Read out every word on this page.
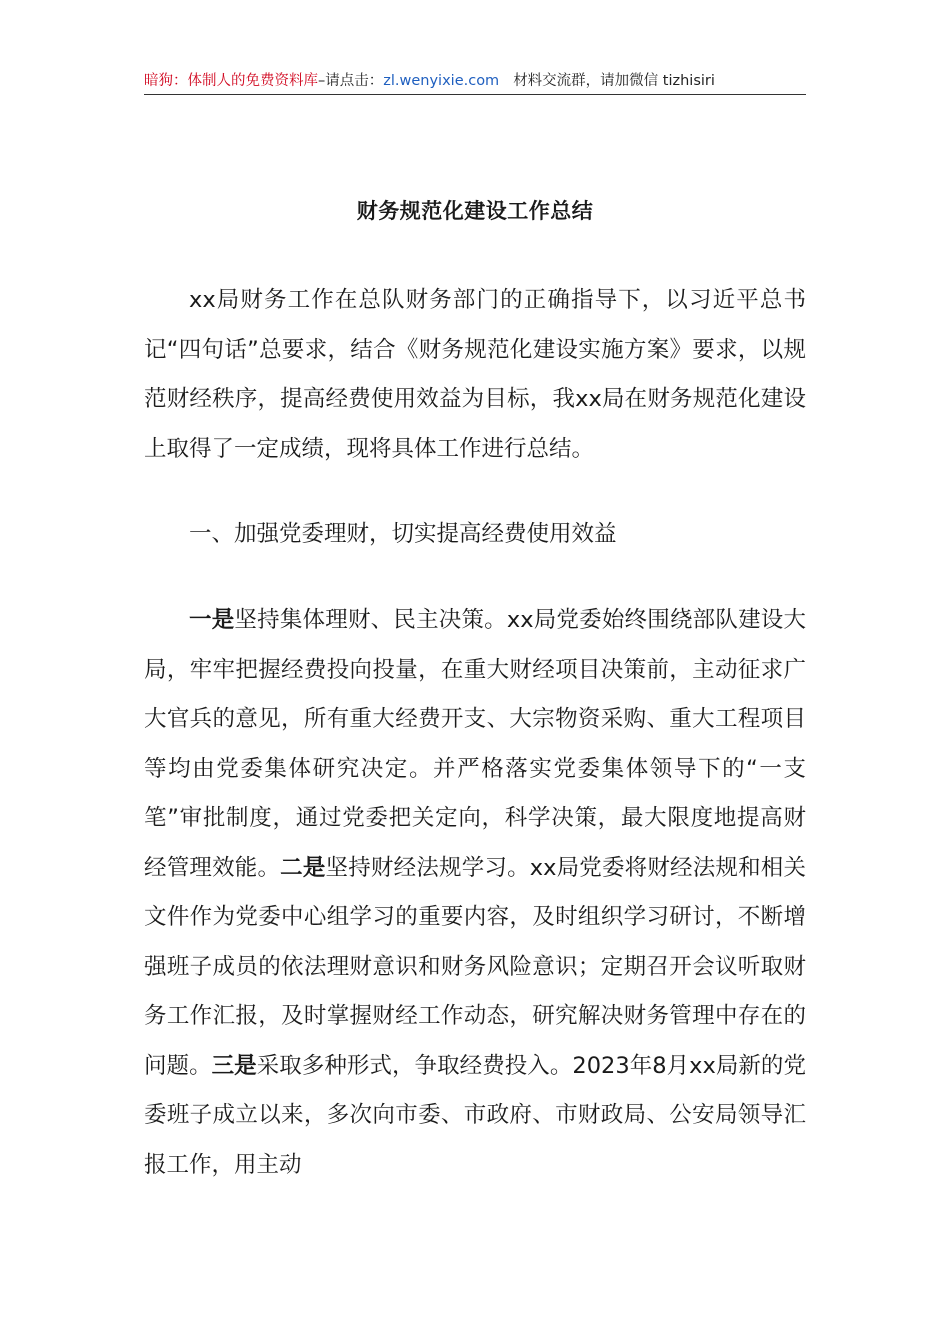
暗狗：体制人的免费资料库–请点击：zl.wenyixie.com 材料交流群，请加微信 tizhisiri
财务规范化建设工作总结

xx局财务工作在总队财务部门的正确指导下，以习近平总书记“四句话”总要求，结合《财务规范化建设实施方案》要求，以规范财经秩序，提高经费使用效益为目标，我xx局在财务规范化建设上取得了一定成绩，现将具体工作进行总结。

一、加强党委理财，切实提高经费使用效益

一是坚持集体理财、民主决策。xx局党委始终围绕部队建设大局，牢牢把握经费投向投量，在重大财经项目决策前，主动征求广大官兵的意见，所有重大经费开支、大宗物资采购、重大工程项目等均由党委集体研究决定。并严格落实党委集体领导下的“一支笔”审批制度，通过党委把关定向，科学决策，最大限度地提高财经管理效能。二是坚持财经法规学习。xx局党委将财经法规和相关文件作为党委中心组学习的重要内容，及时组织学习研讨，不断增强班子成员的依法理财意识和财务风险意识；定期召开会议听取财务工作汇报，及时掌握财经工作动态，研究解决财务管理中存在的问题。三是采取多种形式，争取经费投入。2023年8月xx局新的党委班子成立以来，多次向市委、市政府、市财政局、公安局领导汇报工作，用主动
